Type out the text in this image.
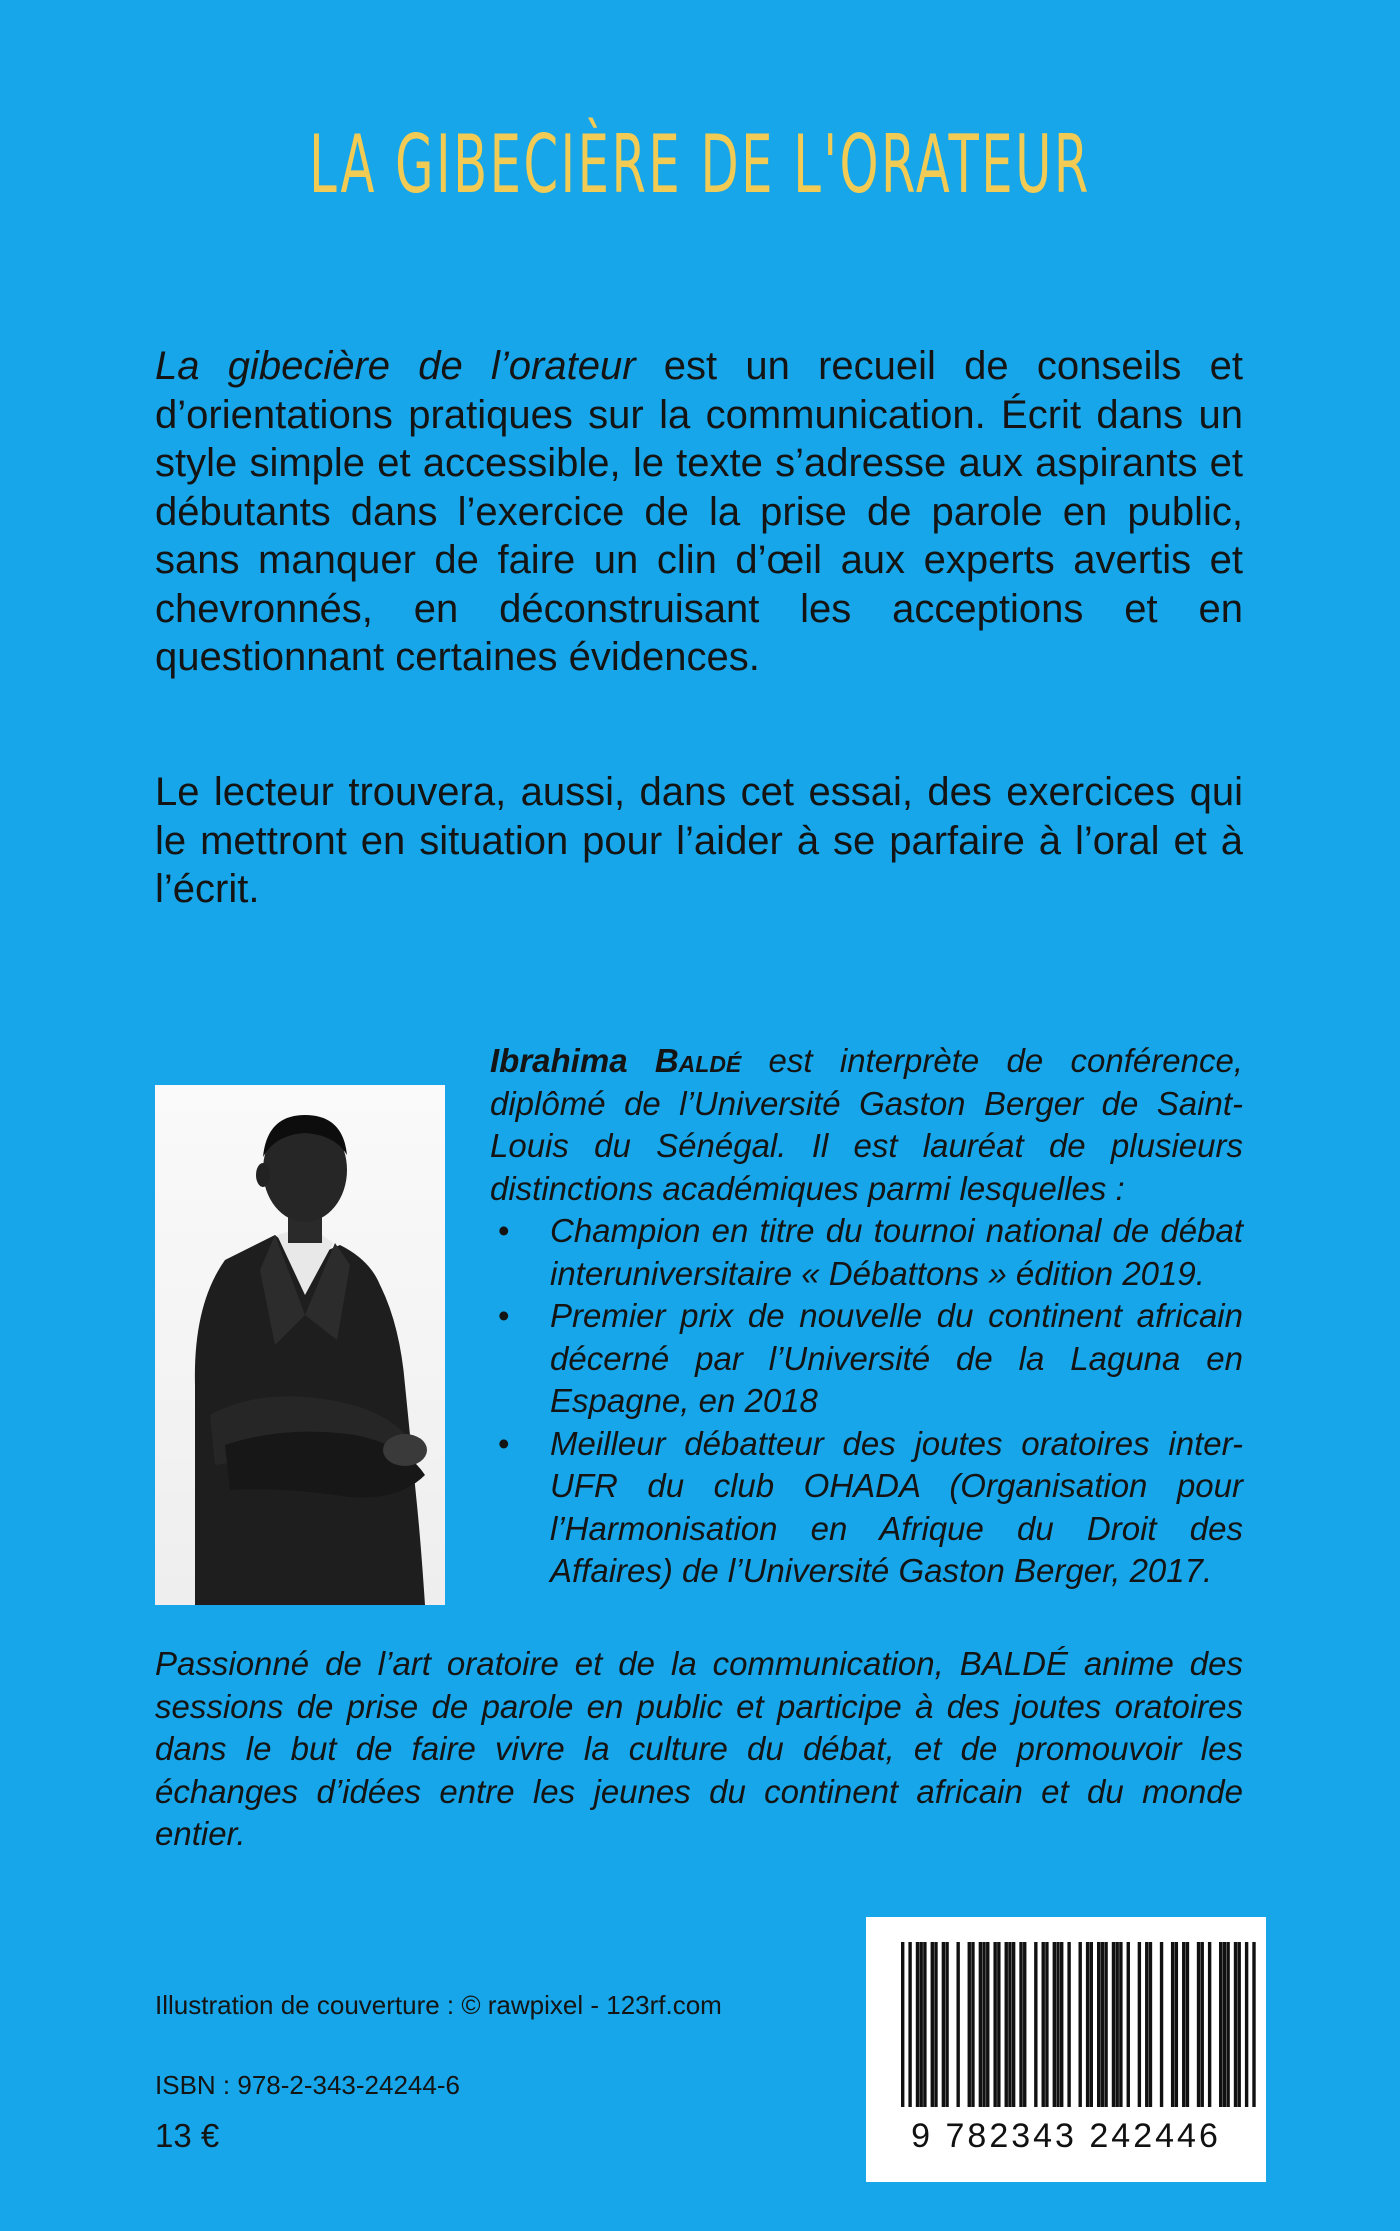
LA GIBECIÈRE DE L'ORATEUR

La gibecière de l’orateur est un recueil de conseils et d’orientations pratiques sur la communication. Écrit dans un style simple et accessible, le texte s’adresse aux aspirants et débutants dans l’exercice de la prise de parole en public, sans manquer de faire un clin d’œil aux experts avertis et chevronnés, en déconstruisant les acceptions et en questionnant certaines évidences.

Le lecteur trouvera, aussi, dans cet essai, des exercices qui le mettront en situation pour l’aider à se parfaire à l’oral et à l’écrit.

Ibrahima Baldé est interprète de conférence, diplômé de l’Université Gaston Berger de Saint-Louis du Sénégal. Il est lauréat de plusieurs distinctions académiques parmi lesquelles :
• Champion en titre du tournoi national de débat interuniversitaire « Débattons » édition 2019.
• Premier prix de nouvelle du continent africain décerné par l’Université de la Laguna en Espagne, en 2018
• Meilleur débatteur des joutes oratoires inter-UFR du club OHADA (Organisation pour l’Harmonisation en Afrique du Droit des Affaires) de l’Université Gaston Berger, 2017.

Passionné de l’art oratoire et de la communication, BALDÉ anime des sessions de prise de parole en public et participe à des joutes oratoires dans le but de faire vivre la culture du débat, et de promouvoir les échanges d’idées entre les jeunes du continent africain et du monde entier.

Illustration de couverture : © rawpixel - 123rf.com

ISBN : 978-2-343-24244-6

13 €	9 782343 242446
